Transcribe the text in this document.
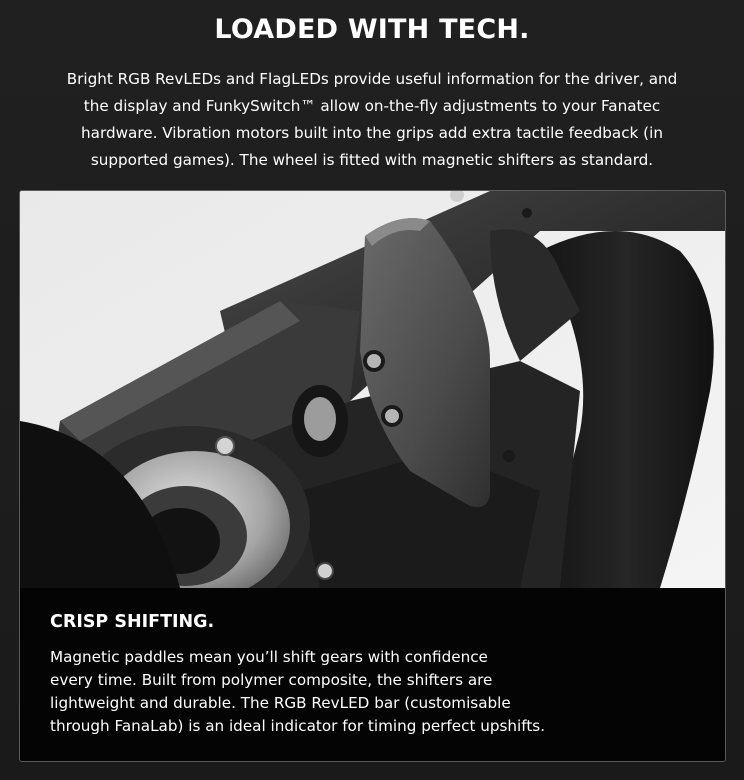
LOADED WITH TECH.
Bright RGB RevLEDs and FlagLEDs provide useful information for the driver, and
the display and FunkySwitch™ allow on-the-fly adjustments to your Fanatec
hardware. Vibration motors built into the grips add extra tactile feedback (in
supported games). The wheel is fitted with magnetic shifters as standard.
CRISP SHIFTING.
Magnetic paddles mean you’ll shift gears with confidence
every time. Built from polymer composite, the shifters are
lightweight and durable. The RGB RevLED bar (customisable
through FanaLab) is an ideal indicator for timing perfect upshifts.
